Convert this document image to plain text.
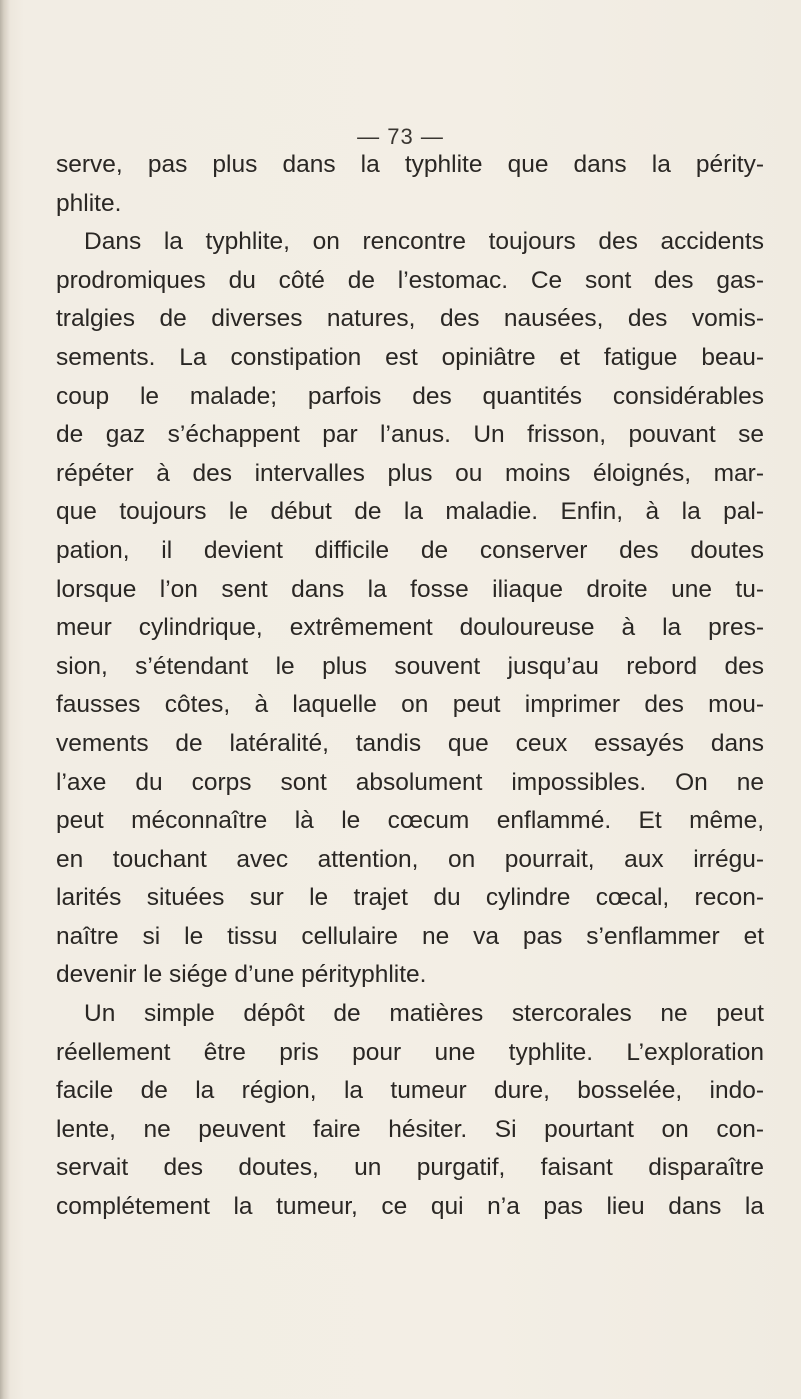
— 73 —
serve, pas plus dans la typhlite que dans la périty-
phlite.
Dans la typhlite, on rencontre toujours des accidents
prodromiques du côté de l’estomac. Ce sont des gas-
tralgies de diverses natures, des nausées, des vomis-
sements. La constipation est opiniâtre et fatigue beau-
coup le malade; parfois des quantités considérables
de gaz s’échappent par l’anus. Un frisson, pouvant se
répéter à des intervalles plus ou moins éloignés, mar-
que toujours le début de la maladie. Enfin, à la pal-
pation, il devient difficile de conserver des doutes
lorsque l’on sent dans la fosse iliaque droite une tu-
meur cylindrique, extrêmement douloureuse à la pres-
sion, s’étendant le plus souvent jusqu’au rebord des
fausses côtes, à laquelle on peut imprimer des mou-
vements de latéralité, tandis que ceux essayés dans
l’axe du corps sont absolument impossibles. On ne
peut méconnaître là le cœcum enflammé. Et même,
en touchant avec attention, on pourrait, aux irrégu-
larités situées sur le trajet du cylindre cœcal, recon-
naître si le tissu cellulaire ne va pas s’enflammer et
devenir le siége d’une pérityphlite.
Un simple dépôt de matières stercorales ne peut
réellement être pris pour une typhlite. L’exploration
facile de la région, la tumeur dure, bosselée, indo-
lente, ne peuvent faire hésiter. Si pourtant on con-
servait des doutes, un purgatif, faisant disparaître
complétement la tumeur, ce qui n’a pas lieu dans la
